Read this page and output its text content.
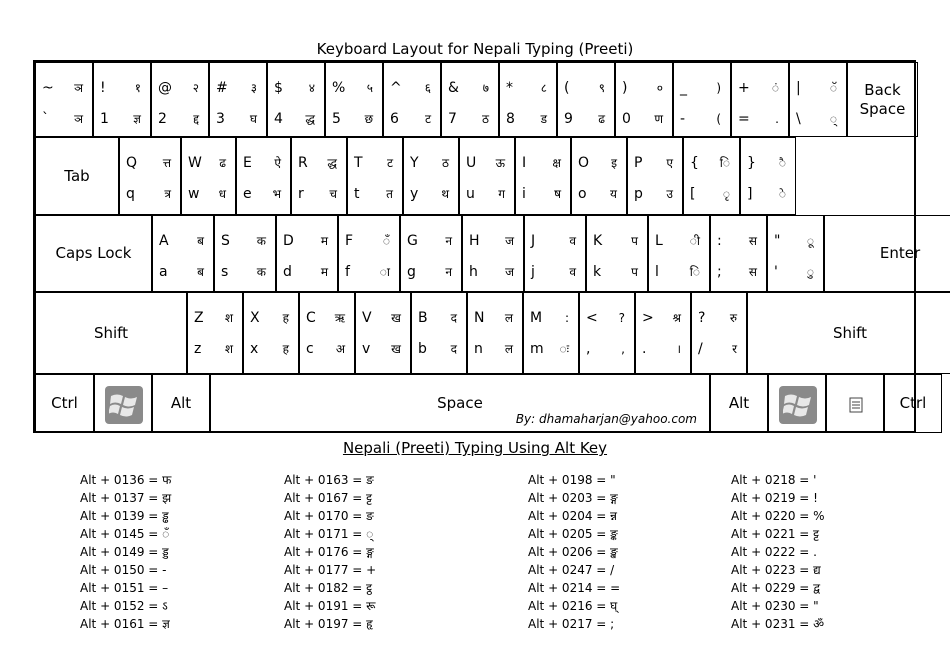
Keyboard Layout for Nepali Typing (Preeti)
~ ञ
` ञ
! १
1 ज्ञ
@ २
2 द्द
# ३
3 घ
$ ४
4 द्ध
% ५
5 छ
^ ६
6 ट
& ७
7 ठ
* ८
8 ड
( ९
9 ढ
) ०
0 ण
_ )
-	(
+ ं
= .
| ॅ
\ ्
Back
Space
Tab
Q त्त
q त्र
W ढ
w ध
E ऐ
e भ
R द्ध
r च
T ट
t त
Y ठ
y थ
U ऊ
u ग
I क्ष
i ष
O इ
o य
P ए
p उ
{ ि
[ ृ
} ै
] े
Caps Lock
A ब
a ब
S क
s क
D म
d म
F ँ
f ा
G न
g न
H ज
h ज
J	व
j	व
K प
k	प
L ी
l	ि
: स
; स
" ू
' ु
Enter
Shift
Z श
z श
X ह
x ह
C ऋ
c अ
V ख
v ख
B द
b द
N ल
n ल
M :
m ः
< ?
,	,
> श्र
. ।
? रु
/ र
Shift
Ctrl	Alt
By: dhamaharjan@yahoo.com
Space	Alt	Ctrl
Nepali (Preeti) Typing Using Alt Key
Alt + 0136 = फ
Alt + 0137 = झ
Alt + 0139 = ड्ढ
Alt + 0145 = ँ
Alt + 0149 = ड्ड
Alt + 0150 = -
Alt + 0151 = –
Alt + 0152 = ऽ
Alt + 0161 = ज्ञ
Alt + 0163 = ङ
Alt + 0167 = ट्ट
Alt + 0170 = ङ
Alt + 0171 = ्
Alt + 0176 = ङ्ग
Alt + 0177 = +
Alt + 0182 = ट्ठ
Alt + 0191 = रू
Alt + 0197 = हृ
Alt + 0198 = "
Alt + 0203 = ङ्ग
Alt + 0204 = न्न
Alt + 0205 = ङ्क
Alt + 0206 = ङ्ख
Alt + 0247 = /
Alt + 0214 = =
Alt + 0216 = घ्
Alt + 0217 = ;
Alt + 0218 = '
Alt + 0219 = !
Alt + 0220 = %
Alt + 0221 = ट्ट
Alt + 0222 = .
Alt + 0223 = द्य
Alt + 0229 = द्व
Alt + 0230 = "
Alt + 0231 = ॐ
